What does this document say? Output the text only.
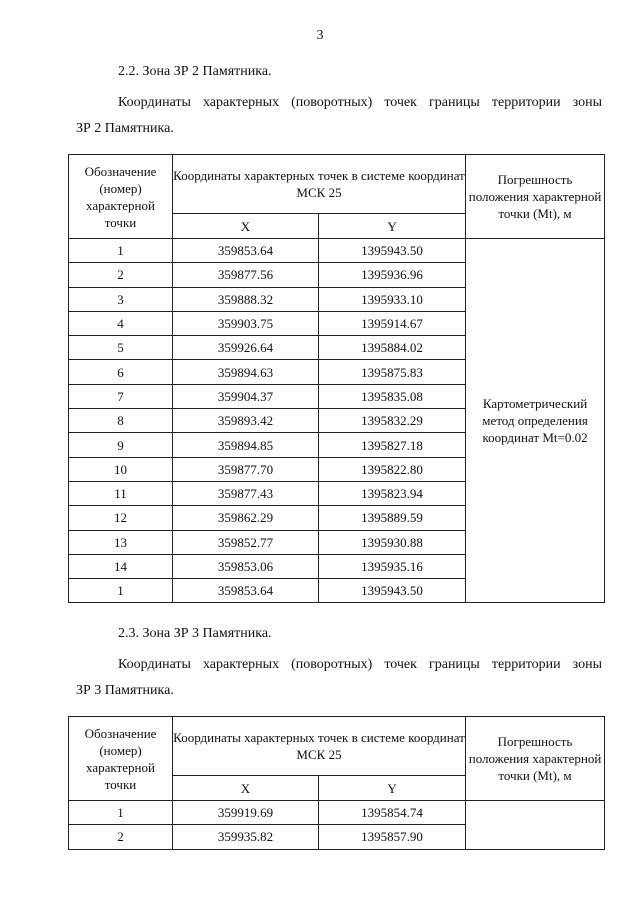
3
2.2. Зона ЗР 2 Памятника.
Координаты характерных (поворотных) точек границы территории зоны
ЗР 2 Памятника.
Обозначение (номер) характерной точки	Координаты характерных точек в системе координат МСК 25		Погрешность положения характерной точки (Mt), м
	X	Y	
1	359853.64	1395943.50	Картометрический метод определения координат Mt=0.02
2	359877.56	1395936.96	
3	359888.32	1395933.10	
4	359903.75	1395914.67	
5	359926.64	1395884.02	
6	359894.63	1395875.83	
7	359904.37	1395835.08	
8	359893.42	1395832.29	
9	359894.85	1395827.18	
10	359877.70	1395822.80	
11	359877.43	1395823.94	
12	359862.29	1395889.59	
13	359852.77	1395930.88	
14	359853.06	1395935.16	
1	359853.64	1395943.50	
2.3. Зона ЗР 3 Памятника.
Координаты характерных (поворотных) точек границы территории зоны
ЗР 3 Памятника.
Обозначение (номер) характерной точки	Координаты характерных точек в системе координат МСК 25		Погрешность положения характерной точки (Mt), м
	X	Y	
1	359919.69	1395854.74	
2	359935.82	1395857.90	
